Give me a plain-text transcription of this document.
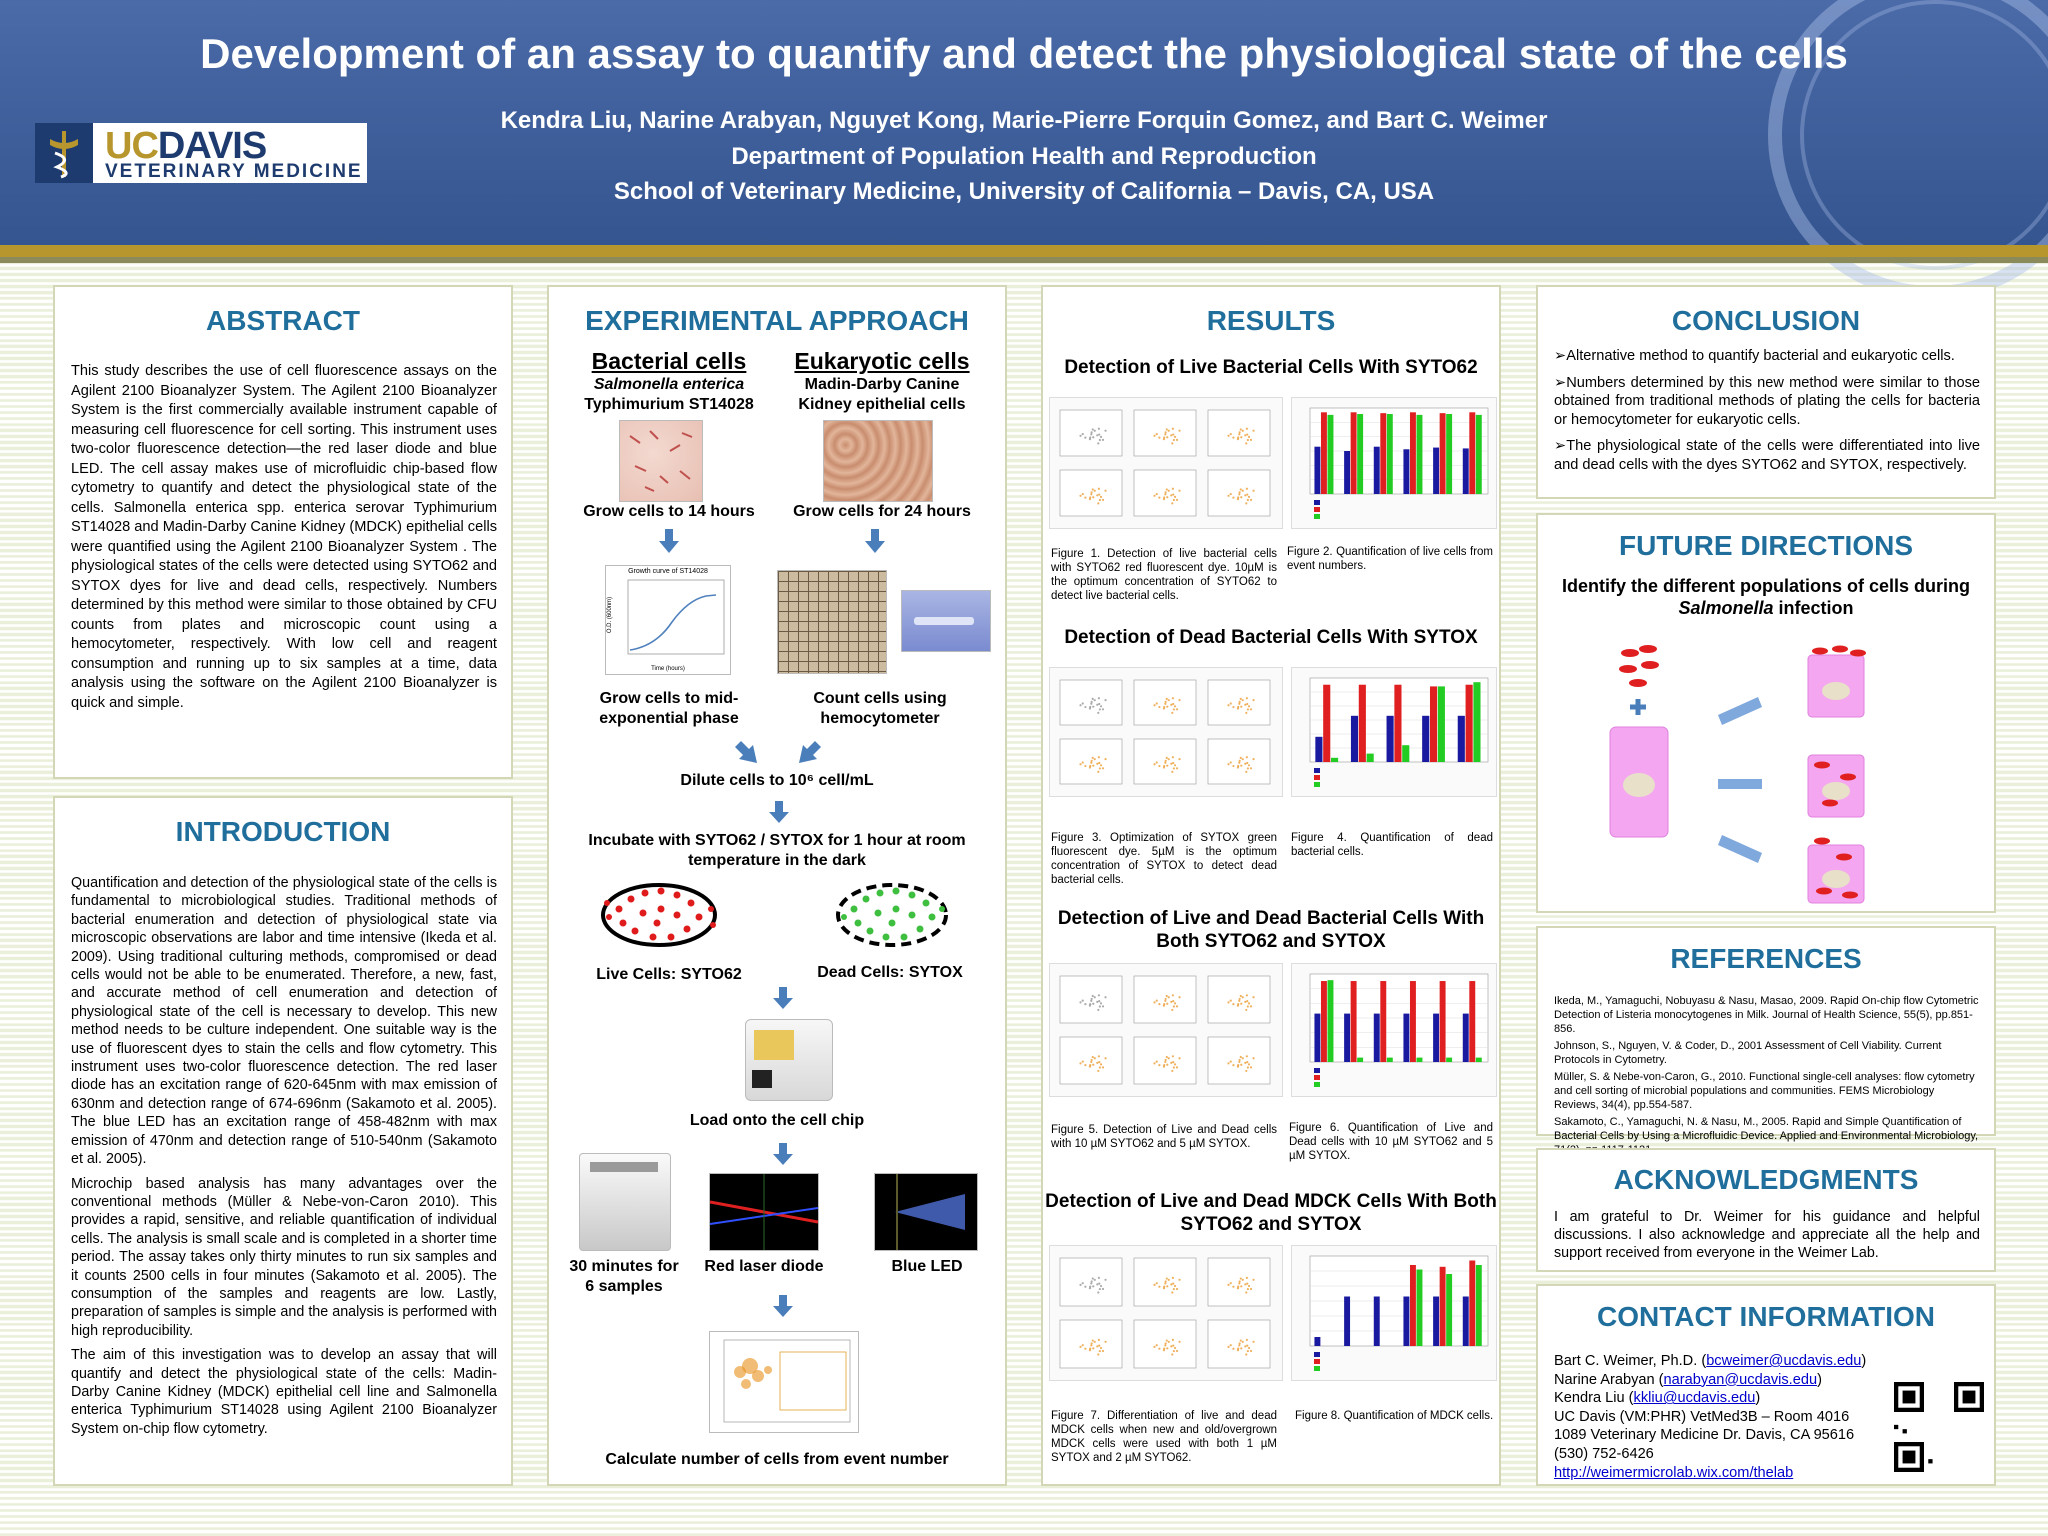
Development of an assay to quantify and detect the physiological state of the cells
Kendra Liu, Narine Arabyan, Nguyet Kong, Marie-Pierre Forquin Gomez, and Bart C. Weimer
Department of Population Health and Reproduction
School of Veterinary Medicine, University of California – Davis, CA, USA
UCDAVIS
VETERINARY MEDICINE
ABSTRACT
This study describes the use of cell fluorescence assays on the Agilent 2100 Bioanalyzer System. The Agilent 2100 Bioanalyzer System is the first commercially available instrument capable of measuring cell fluorescence for cell sorting. This instrument uses two-color fluorescence detection—the red laser diode and blue LED. The cell assay makes use of microfluidic chip-based flow cytometry to quantify and detect the physiological state of the cells. Salmonella enterica spp. enterica serovar Typhimurium ST14028 and Madin-Darby Canine Kidney (MDCK) epithelial cells were quantified using the Agilent 2100 Bioanalyzer System . The physiological states of the cells were detected using SYTO62 and SYTOX dyes for live and dead cells, respectively. Numbers determined by this method were similar to those obtained by CFU counts from plates and microscopic count using a hemocytometer, respectively. With low cell and reagent consumption and running up to six samples at a time, data analysis using the software on the Agilent 2100 Bioanalyzer is quick and simple.
INTRODUCTION

Quantification and detection of the physiological state of the cells is fundamental to microbiological studies. Traditional methods of bacterial enumeration and detection of physiological state via microscopic observations are labor and time intensive (Ikeda et al. 2009). Using traditional culturing methods, compromised or dead cells would not be able to be enumerated. Therefore, a new, fast, and accurate method of cell enumeration and detection of physiological state of the cell is necessary to develop. This new method needs to be culture independent. One suitable way is the use of fluorescent dyes to stain the cells and flow cytometry. This instrument uses two-color fluorescence detection. The red laser diode has an excitation range of 620-645nm with max emission of 630nm and detection range of 674-696nm (Sakamoto et al. 2005). The blue LED has an excitation range of 458-482nm with max emission of 470nm and detection range of 510-540nm (Sakamoto et al. 2005).

Microchip based analysis has many advantages over the conventional methods (Müller & Nebe-von-Caron 2010). This provides a rapid, sensitive, and reliable quantification of individual cells. The analysis is small scale and is completed in a shorter time period. The assay takes only thirty minutes to run six samples and it counts 2500 cells in four minutes (Sakamoto et al. 2005). The consumption of the samples and reagents are low. Lastly, preparation of samples is simple and the analysis is performed with high reproducibility.

The aim of this investigation was to develop an assay that will quantify and detect the physiological state of the cells: Madin-Darby Canine Kidney (MDCK) epithelial cell line and Salmonella enterica Typhimurium ST14028 using Agilent 2100 Bioanalyzer System on-chip flow cytometry.

EXPERIMENTAL APPROACH
Bacterial cells
Salmonella enterica
Typhimurium ST14028
Eukaryotic cells
Madin-Darby Canine
Kidney epithelial cells
Grow cells to 14 hours	Grow cells for 24 hours
Growth curve of ST14028
Time (hours)
O.D. (600nm)
Grow cells to mid-exponential phase
Count cells using hemocytometer
Dilute cells to 10⁶ cell/mL
Incubate with SYTO62 / SYTOX for 1 hour at room temperature in the dark
Live Cells: SYTO62	Dead Cells: SYTOX
Load onto the cell chip
30 minutes for 6 samples
Red laser diode	Blue LED
Calculate number of cells from event number
RESULTS
Detection of Live Bacterial Cells With SYTO62
Figure 1. Detection of live bacterial cells with SYTO62 red fluorescent dye. 10µM is the optimum concentration of SYTO62 to detect live bacterial cells.
Figure 2. Quantification of live cells from event numbers.
Detection of Dead Bacterial Cells With SYTOX
Figure 3. Optimization of SYTOX green fluorescent dye. 5µM is the optimum concentration of SYTOX to detect dead bacterial cells.
Figure 4. Quantification of dead bacterial cells.
Detection of Live and Dead Bacterial Cells With Both SYTO62 and SYTOX
Figure 5. Detection of Live and Dead cells with 10 µM SYTO62 and 5 µM SYTOX.
Figure 6. Quantification of Live and Dead cells with 10 µM SYTO62 and 5 µM SYTOX.
Detection of Live and Dead MDCK Cells With Both SYTO62 and SYTOX
Figure 7. Differentiation of live and dead MDCK cells when new and old/overgrown MDCK cells were used with both 1 µM SYTOX and 2 µM SYTO62.
Figure 8. Quantification of MDCK cells.
CONCLUSION

➢Alternative method to quantify bacterial and eukaryotic cells.

➢Numbers determined by this new method were similar to those obtained from traditional methods of plating the cells for bacteria or hemocytometer for eukaryotic cells.

➢The physiological state of the cells were differentiated into live and dead cells with the dyes SYTO62 and SYTOX, respectively.

FUTURE DIRECTIONS
Identify the different populations of cells during
Salmonella infection
REFERENCES

Ikeda, M., Yamaguchi, Nobuyasu & Nasu, Masao, 2009. Rapid On-chip flow Cytometric Detection of Listeria monocytogenes in Milk. Journal of Health Science, 55(5), pp.851-856.

Johnson, S., Nguyen, V. & Coder, D., 2001 Assessment of Cell Viability. Current Protocols in Cytometry.

Müller, S. & Nebe-von-Caron, G., 2010. Functional single-cell analyses: flow cytometry and cell sorting of microbial populations and communities. FEMS Microbiology Reviews, 34(4), pp.554-587.

Sakamoto, C., Yamaguchi, N. & Nasu, M., 2005. Rapid and Simple Quantification of Bacterial Cells by Using a Microfluidic Device. Applied and Environmental Microbiology,

ACKNOWLEDGMENTS
I am grateful to Dr. Weimer for his guidance and helpful discussions. I also acknowledge and appreciate all the help and support received from everyone in the Weimer Lab.
CONTACT INFORMATION
Bart C. Weimer, Ph.D. (bcweimer@ucdavis.edu)
Narine Arabyan (narabyan@ucdavis.edu)
Kendra Liu (kkliu@ucdavis.edu)
UC Davis (VM:PHR) VetMed3B – Room 4016
1089 Veterinary Medicine Dr. Davis, CA 95616
(530) 752-6426
http://weimermicrolab.wix.com/thelab
